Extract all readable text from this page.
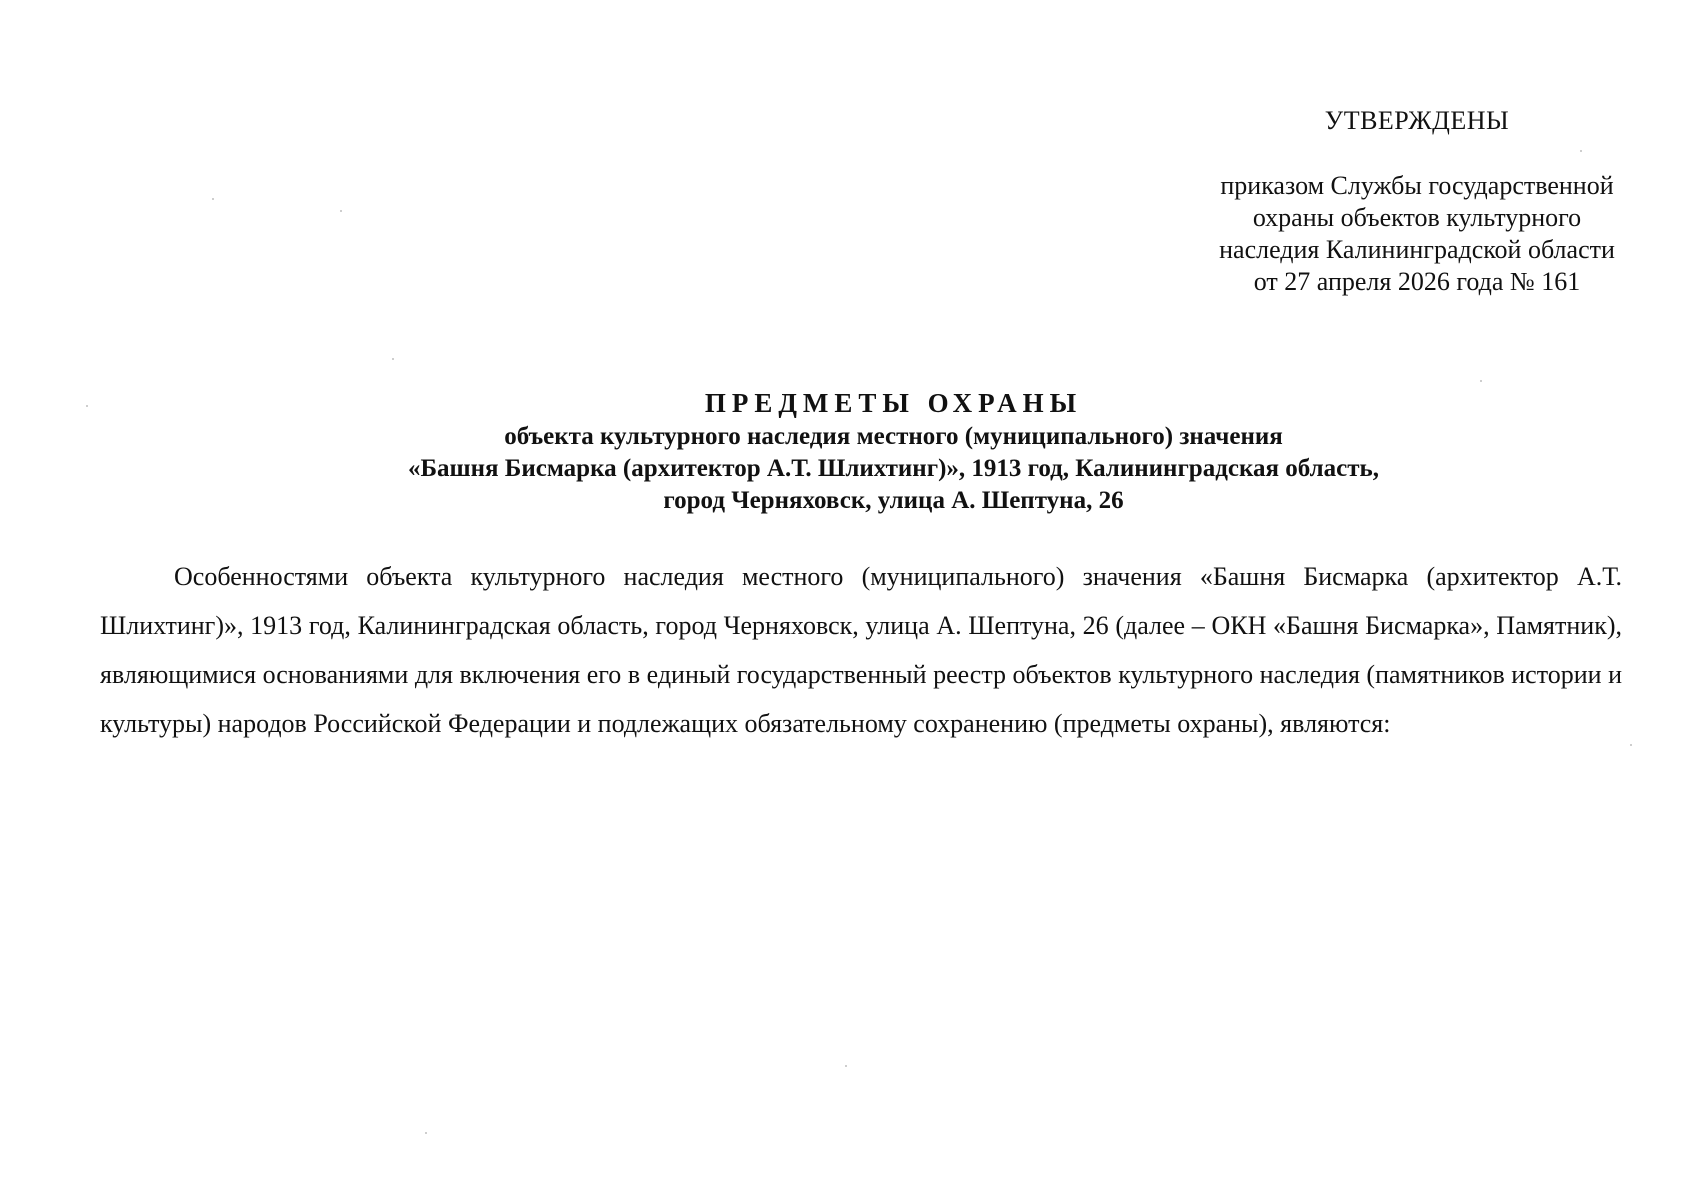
УТВЕРЖДЕНЫ
приказом Службы государственной
охраны объектов культурного
наследия Калининградской области
от 27 апреля 2026 года № 161
ПРЕДМЕТЫ ОХРАНЫ
объекта культурного наследия местного (муниципального) значения
«Башня Бисмарка (архитектор А.Т. Шлихтинг)», 1913 год, Калининградская область,
город Черняховск, улица А. Шептуна, 26

Особенностями объекта культурного наследия местного (муниципального) значения «Башня Бисмарка (архитектор А.Т. Шлихтинг)», 1913 год, Калининградская область, город Черняховск, улица А. Шептуна, 26 (далее – ОКН «Башня Бисмарка», Памятник), являющимися основаниями для включения его в единый государственный реестр объектов культурного наследия (памятников истории и культуры) народов Российской Федерации и подлежащих обязательному сохранению (предметы охраны), являются:
